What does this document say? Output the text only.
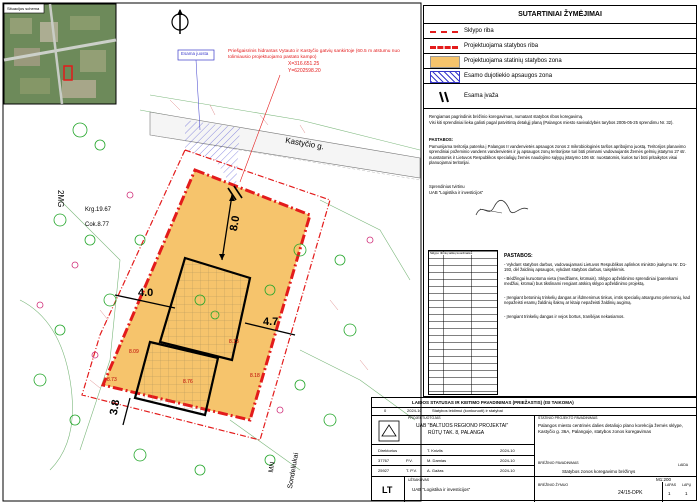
Situacijos schema
Priešgaisrinis hidrantas Vytauto ir Kastyčio gatvių sankirtoje (60.5 m atstumu nuo tolimiausio projektuojamo pastato kampo)
X=316.651.25
Y=6202598.20
Esama juosta
Kastyčio g.
2MG
Krg.19.67
Cok.8.77
MN Sondeliukai
8.0
4.0
4.7
3.8
8.09
8.73	8.76
8.13
8.18
SUTARTINIAI ŽYMĖJIMAI
Sklypo riba
Projektuojama statybos riba
Projektuojama statinių statybos zona
Esamo dujotiekio apsaugos zona
Esama įvaža
Rengiamas pagrindinis brėžinio koregavimas, numatant statybos ribos koregavimą.
Visi kiti sprendiniai lieka galioti pagal patvirtintą detalųjį planą (Palangos miesto savivaldybės tarybos 2005-05-25 sprendimu Nr. 32).
PASTABOS:
Pamunijama teritorija patenka į Palangos II vandenvietės apsaugos zonos 2 mikrobiologinės taršos apribojimo juostą. Teritorijos planavimo sprendiniai požeminio vandens vandenvietės ir jų apsaugos zonų teritorijose turi būti priimami vadovaujantis Žemės gelmių įstatymo 27 str. nuostatomis ir Lietuvos Respublikos specialiųjų žemės naudojimo sąlygų įstatymo 106 str. nuostatomis, kurios turi būti pritaikytos visai planuojamai teritorijai.
Sprendinius tvirtinu
UAB "Logistika ir investicijos"
Sklypo ribinių taškų koordinatės	PASTABOS:
- Vykdant statybos darbus, vadovaujamasi Lietuvos Respublikos aplinkos ministro įsakymu Nr. D1-193, dėl žaldinių apsaugos, vykdant statybos darbus, taisyklėmis.
- Bėdžingai kuruotoma vieta (medžiams, krūmais). Sklypo apželdinimo sprendiniai (parenkami medžiai, krūmai) bus tikslinami rengiant atskirą sklypo apželdinimo projektą.
- Įrengiant betoninių trinkelių dangas ar išdmenimus tinkus, imtis specialių atsargumo priemonių, kad nepažeisti esamų žaldinių šaknų ar kitaip nepažeisti žaldinių augimą.
- Įrengiant trinkelių dangas ir vejos bortus, tranšėjas nekasiamos.
LAIDOS STATUSAS IR KEITIMO PAVADINIMAS (PRIEŽASTIS) (ISI TAIKOMA)
0	2024-10	Statybos leidimui (konkuruoti) ir statybai
PROJEKTUOTOJAS
UAB "BALTIJOS REGIONO PROJEKTAI"
RŪTŲ TAK. 8, PALANGA
STATINIO PROJEKTO PAVADINIMAS
Palangos miesto centrinės dalies detaliojo plano korekcija žemės sklype, Kastyčio g. 36A, Palangoje, statybos zonos koregavimas
LAIDA
Direktorius	T. Knizlis	2024-10
37767	P.V.	M. Damias	2024-10
25927	T. P.V.	A. Gažas	2024-10
BRĖŽINIO PAVADINIMAS
Statybos zonos koregavimo brėžinys
LT
UŽSAKOVAS
UAB "Logistika ir investicijos"
M1:200
BRĖŽINIO ŽYMUO
24/15-DPK
LAPAS LAPŲ
1	1
